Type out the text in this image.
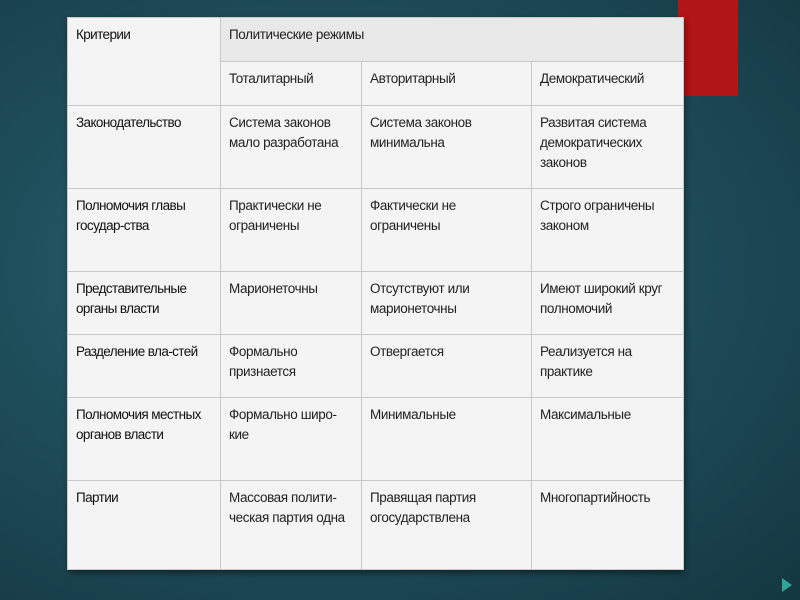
Критерии	Политические режимы		
	Тоталитарный	Авторитарный	Демократический
Законодательство	Система законов мало разработана	Система законов минимальна	Развитая система демократических законов
Полномочия главы государ-ства	Практически не ограничены	Фактически не ограничены	Строго ограничены законом
Представительные органы власти	Марионеточны	Отсутствуют или марионеточны	Имеют широкий круг полномочий
Разделение вла-стей	Формально признается	Отвергается	Реализуется на практике
Полномочия местных органов власти	Формально широ-кие	Минимальные	Максимальные
Партии	Массовая полити-ческая партия одна	Правящая партия огосударствлена	Многопартийность
